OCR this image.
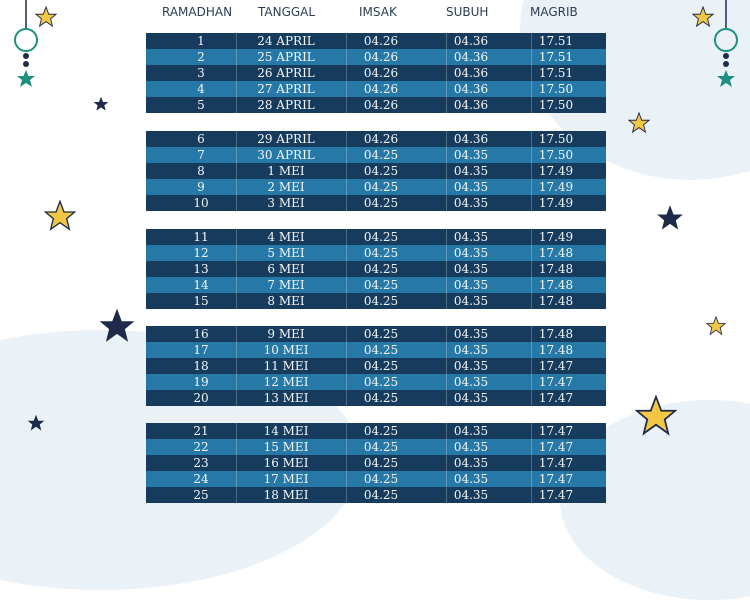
RAMADHAN TANGGAL	IMSAK	SUBUH	MAGRIB
1	24 APRIL	04.26	04.36	17.51
2	25 APRIL	04.26	04.36	17.51
3	26 APRIL	04.26	04.36	17.51
4	27 APRIL	04.26	04.36	17.50
5	28 APRIL	04.26	04.36	17.50
6	29 APRIL	04.26	04.36	17.50
7	30 APRIL	04.25	04.35	17.50
8	1 MEI	04.25	04.35	17.49
9	2 MEI	04.25	04.35	17.49
10	3 MEI	04.25	04.35	17.49
11	4 MEI	04.25	04.35	17.49
12	5 MEI	04.25	04.35	17.48
13	6 MEI	04.25	04.35	17.48
14	7 MEI	04.25	04.35	17.48
15	8 MEI	04.25	04.35	17.48
16	9 MEI	04.25	04.35	17.48
17	10 MEI	04.25	04.35	17.48
18	11 MEI	04.25	04.35	17.47
19	12 MEI	04.25	04.35	17.47
20	13 MEI	04.25	04.35	17.47
21	14 MEI	04.25	04.35	17.47
22	15 MEI	04.25	04.35	17.47
23	16 MEI	04.25	04.35	17.47
24	17 MEI	04.25	04.35	17.47
25	18 MEI	04.25	04.35	17.47
